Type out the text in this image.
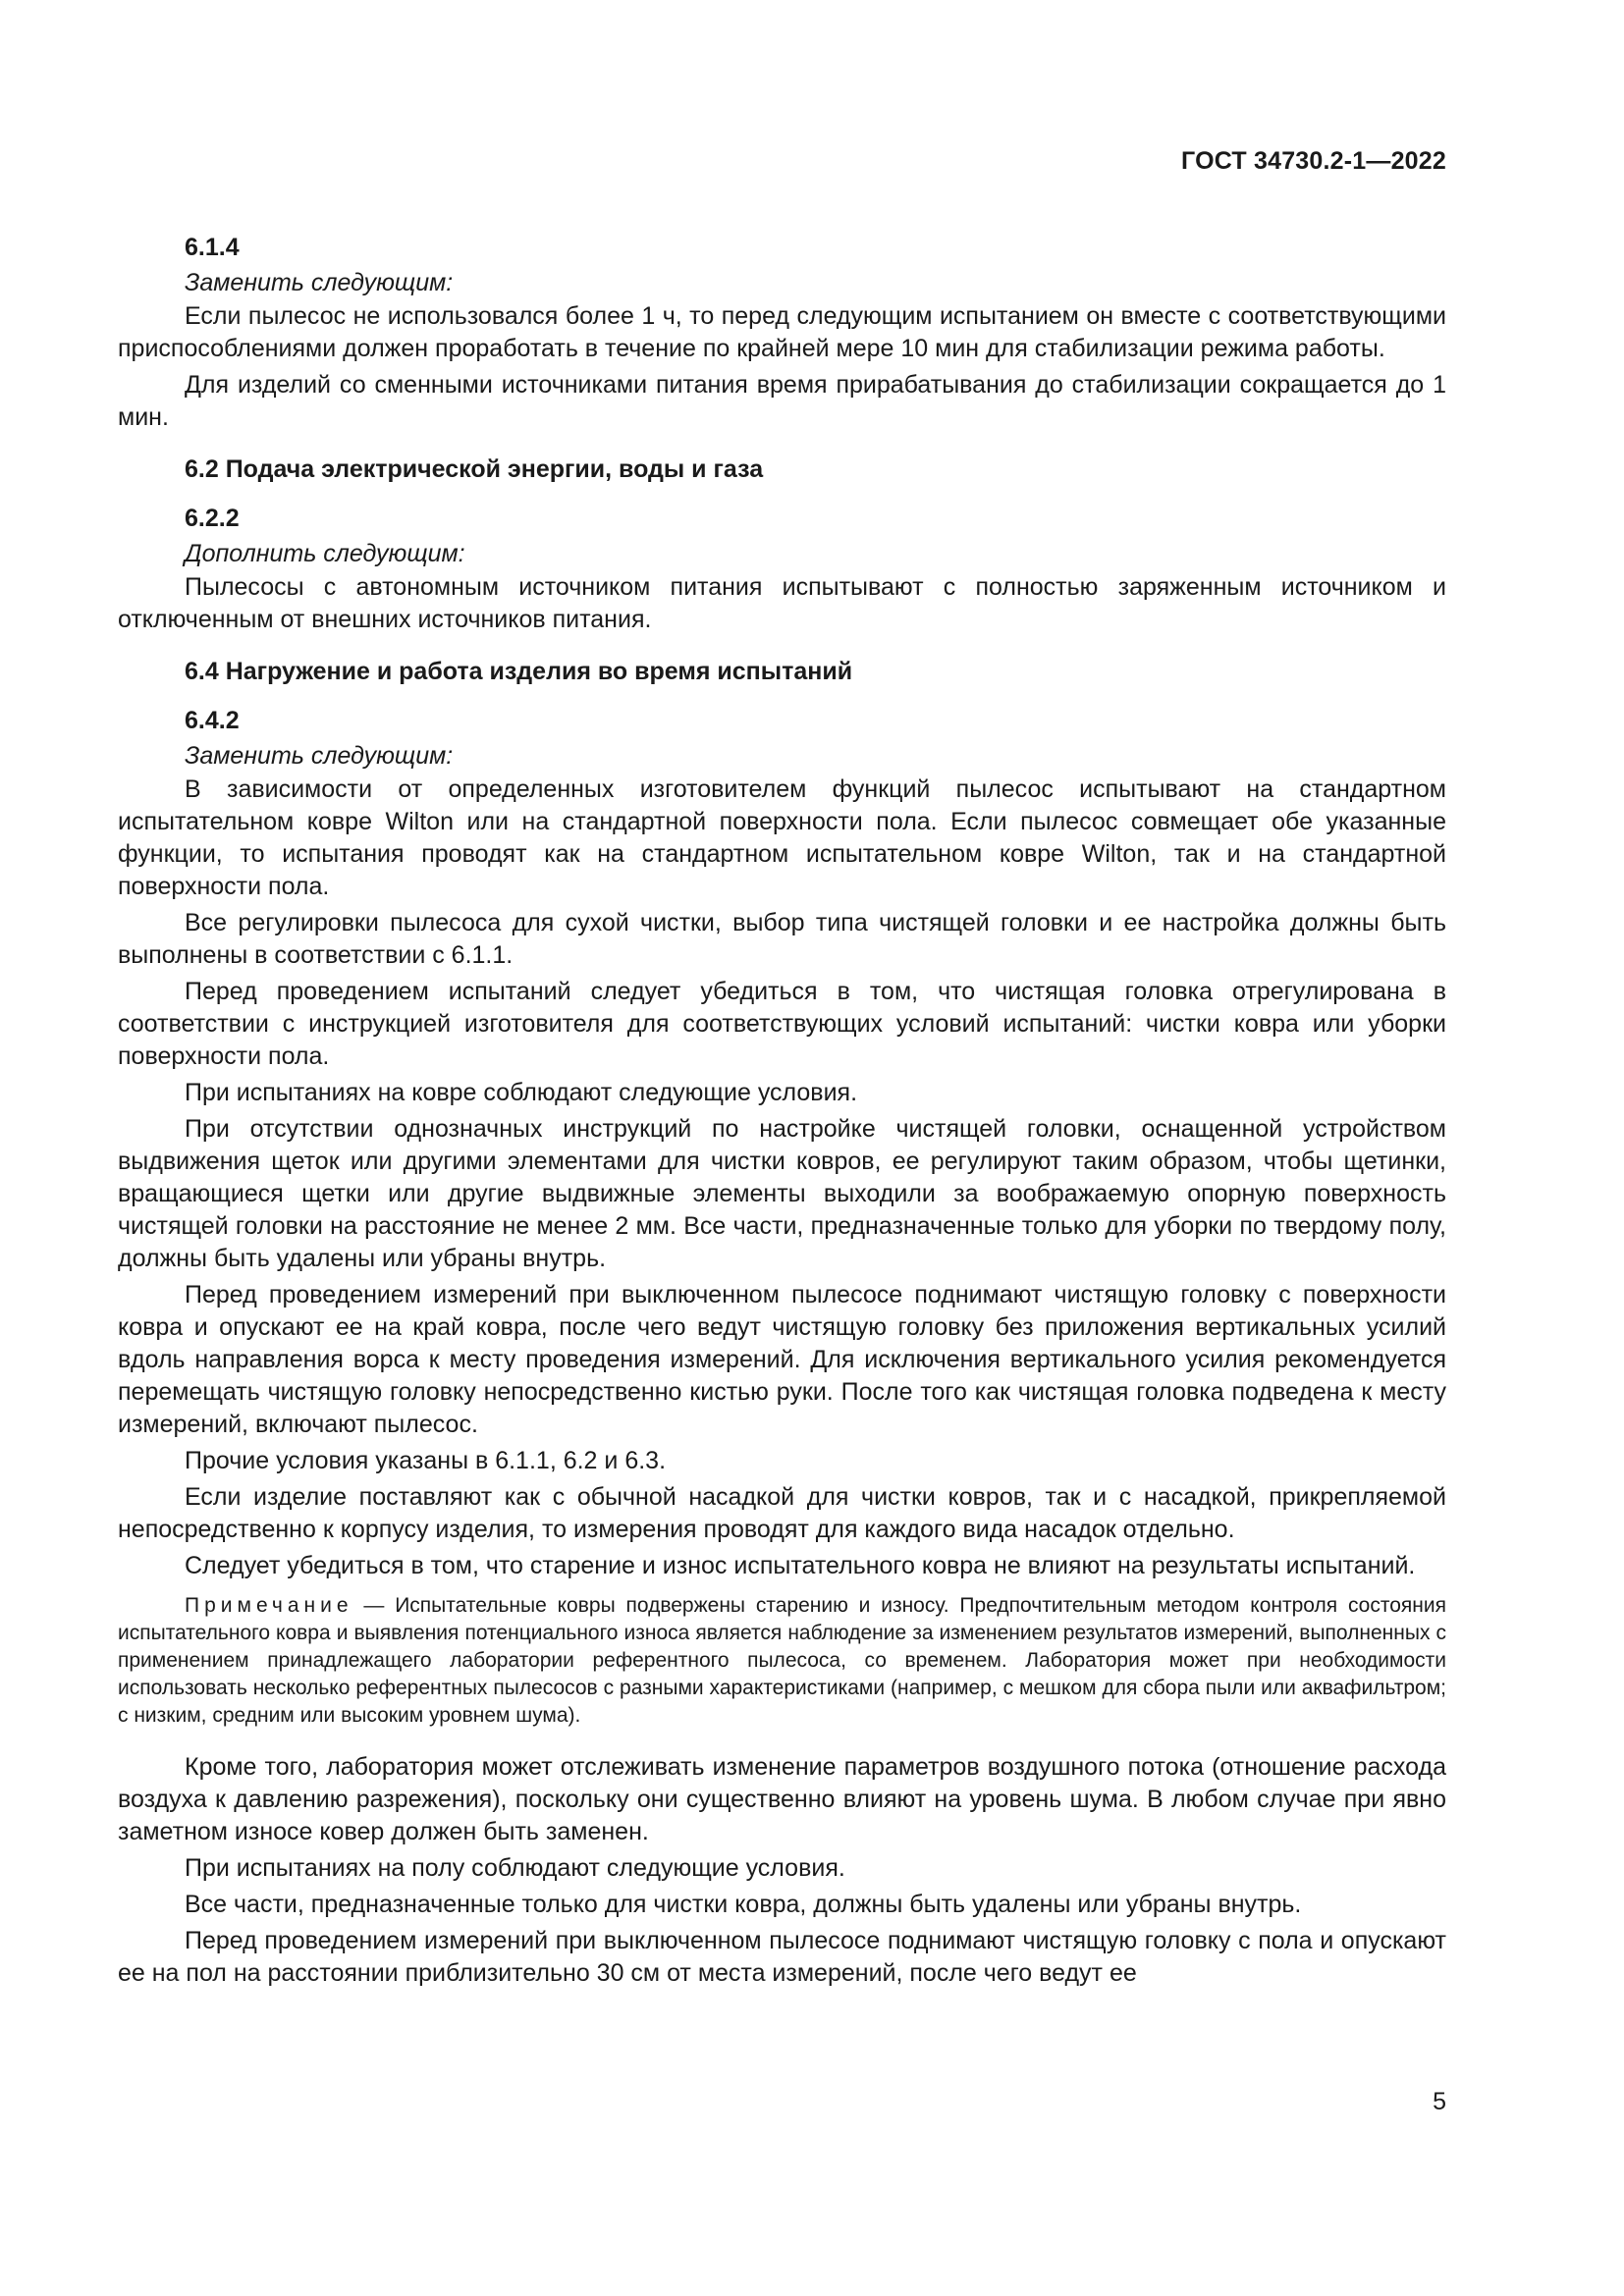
ГОСТ 34730.2-1—2022
6.1.4
Заменить следующим:

Если пылесос не использовался более 1 ч, то перед следующим испытанием он вместе с соответствующими приспособлениями должен проработать в течение по крайней мере 10 мин для стабилизации режима работы.

Для изделий со сменными источниками питания время прирабатывания до стабилизации сокращается до 1 мин.

6.2 Подача электрической энергии, воды и газа
6.2.2
Дополнить следующим:

Пылесосы с автономным источником питания испытывают с полностью заряженным источником и отключенным от внешних источников питания.

6.4 Нагружение и работа изделия во время испытаний
6.4.2
Заменить следующим:

В зависимости от определенных изготовителем функций пылесос испытывают на стандартном испытательном ковре Wilton или на стандартной поверхности пола. Если пылесос совмещает обе указанные функции, то испытания проводят как на стандартном испытательном ковре Wilton, так и на стандартной поверхности пола.

Все регулировки пылесоса для сухой чистки, выбор типа чистящей головки и ее настройка должны быть выполнены в соответствии с 6.1.1.

Перед проведением испытаний следует убедиться в том, что чистящая головка отрегулирована в соответствии с инструкцией изготовителя для соответствующих условий испытаний: чистки ковра или уборки поверхности пола.

При испытаниях на ковре соблюдают следующие условия.

При отсутствии однозначных инструкций по настройке чистящей головки, оснащенной устройством выдвижения щеток или другими элементами для чистки ковров, ее регулируют таким образом, чтобы щетинки, вращающиеся щетки или другие выдвижные элементы выходили за воображаемую опорную поверхность чистящей головки на расстояние не менее 2 мм. Все части, предназначенные только для уборки по твердому полу, должны быть удалены или убраны внутрь.

Перед проведением измерений при выключенном пылесосе поднимают чистящую головку с поверхности ковра и опускают ее на край ковра, после чего ведут чистящую головку без приложения вертикальных усилий вдоль направления ворса к месту проведения измерений. Для исключения вертикального усилия рекомендуется перемещать чистящую головку непосредственно кистью руки. После того как чистящая головка подведена к месту измерений, включают пылесос.

Прочие условия указаны в 6.1.1, 6.2 и 6.3.

Если изделие поставляют как с обычной насадкой для чистки ковров, так и с насадкой, прикрепляемой непосредственно к корпусу изделия, то измерения проводят для каждого вида насадок отдельно.

Следует убедиться в том, что старение и износ испытательного ковра не влияют на результаты испытаний.

Примечание — Испытательные ковры подвержены старению и износу. Предпочтительным методом контроля состояния испытательного ковра и выявления потенциального износа является наблюдение за изменением результатов измерений, выполненных с применением принадлежащего лаборатории референтного пылесоса, со временем. Лаборатория может при необходимости использовать несколько референтных пылесосов с разными характеристиками (например, с мешком для сбора пыли или аквафильтром; с низким, средним или высоким уровнем шума).

Кроме того, лаборатория может отслеживать изменение параметров воздушного потока (отношение расхода воздуха к давлению разрежения), поскольку они существенно влияют на уровень шума. В любом случае при явно заметном износе ковер должен быть заменен.

При испытаниях на полу соблюдают следующие условия.

Все части, предназначенные только для чистки ковра, должны быть удалены или убраны внутрь.

Перед проведением измерений при выключенном пылесосе поднимают чистящую головку с пола и опускают ее на пол на расстоянии приблизительно 30 см от места измерений, после чего ведут ее

5
